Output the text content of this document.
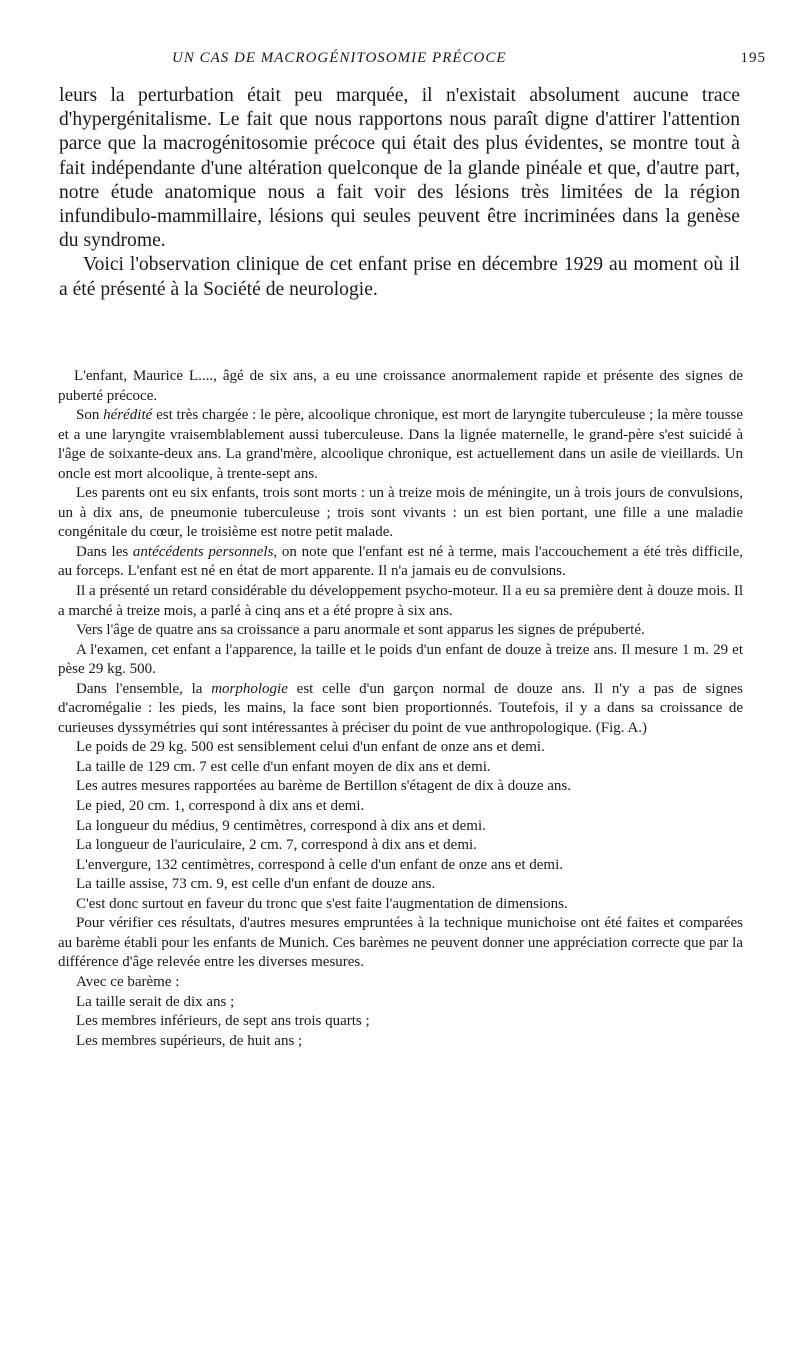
UN CAS DE MACROGÉNITOSOMIE PRÉCOCE	195

leurs la perturbation était peu marquée, il n'existait absolument aucune trace d'hypergénitalisme. Le fait que nous rapportons nous paraît digne d'attirer l'attention parce que la macrogénitosomie précoce qui était des plus évidentes, se montre tout à fait indépendante d'une altération quelconque de la glande pinéale et que, d'autre part, notre étude anatomique nous a fait voir des lésions très limitées de la région infundibulo-mammillaire, lésions qui seules peuvent être incriminées dans la genèse du syndrome.

Voici l'observation clinique de cet enfant prise en décembre 1929 au moment où il a été présenté à la Société de neurologie.

L'enfant, Maurice L...., âgé de six ans, a eu une croissance anormalement rapide et présente des signes de puberté précoce.

Son hérédité est très chargée : le père, alcoolique chronique, est mort de laryngite tuberculeuse ; la mère tousse et a une laryngite vraisemblablement aussi tuberculeuse. Dans la lignée maternelle, le grand-père s'est suicidé à l'âge de soixante-deux ans. La grand'mère, alcoolique chronique, est actuellement dans un asile de vieillards. Un oncle est mort alcoolique, à trente-sept ans.

Les parents ont eu six enfants, trois sont morts : un à treize mois de méningite, un à trois jours de convulsions, un à dix ans, de pneumonie tuberculeuse ; trois sont vivants : un est bien portant, une fille a une maladie congénitale du cœur, le troisième est notre petit malade.

Dans les antécédents personnels, on note que l'enfant est né à terme, mais l'accouchement a été très difficile, au forceps. L'enfant est né en état de mort apparente. Il n'a jamais eu de convulsions.

Il a présenté un retard considérable du développement psycho-moteur. Il a eu sa première dent à douze mois. Il a marché à treize mois, a parlé à cinq ans et a été propre à six ans.

Vers l'âge de quatre ans sa croissance a paru anormale et sont apparus les signes de prépuberté.

A l'examen, cet enfant a l'apparence, la taille et le poids d'un enfant de douze à treize ans. Il mesure 1 m. 29 et pèse 29 kg. 500.

Dans l'ensemble, la morphologie est celle d'un garçon normal de douze ans. Il n'y a pas de signes d'acromégalie : les pieds, les mains, la face sont bien proportionnés. Toutefois, il y a dans sa croissance de curieuses dyssymétries qui sont intéressantes à préciser du point de vue anthropologique. (Fig. A.)

Le poids de 29 kg. 500 est sensiblement celui d'un enfant de onze ans et demi.

La taille de 129 cm. 7 est celle d'un enfant moyen de dix ans et demi.

Les autres mesures rapportées au barème de Bertillon s'étagent de dix à douze ans.

Le pied, 20 cm. 1, correspond à dix ans et demi.

La longueur du médius, 9 centimètres, correspond à dix ans et demi.

La longueur de l'auriculaire, 2 cm. 7, correspond à dix ans et demi.

L'envergure, 132 centimètres, correspond à celle d'un enfant de onze ans et demi.

La taille assise, 73 cm. 9, est celle d'un enfant de douze ans.

C'est donc surtout en faveur du tronc que s'est faite l'augmentation de dimensions.

Pour vérifier ces résultats, d'autres mesures empruntées à la technique munichoise ont été faites et comparées au barème établi pour les enfants de Munich. Ces barèmes ne peuvent donner une appréciation correcte que par la différence d'âge relevée entre les diverses mesures.

Avec ce barème :

La taille serait de dix ans ;

Les membres inférieurs, de sept ans trois quarts ;

Les membres supérieurs, de huit ans ;
